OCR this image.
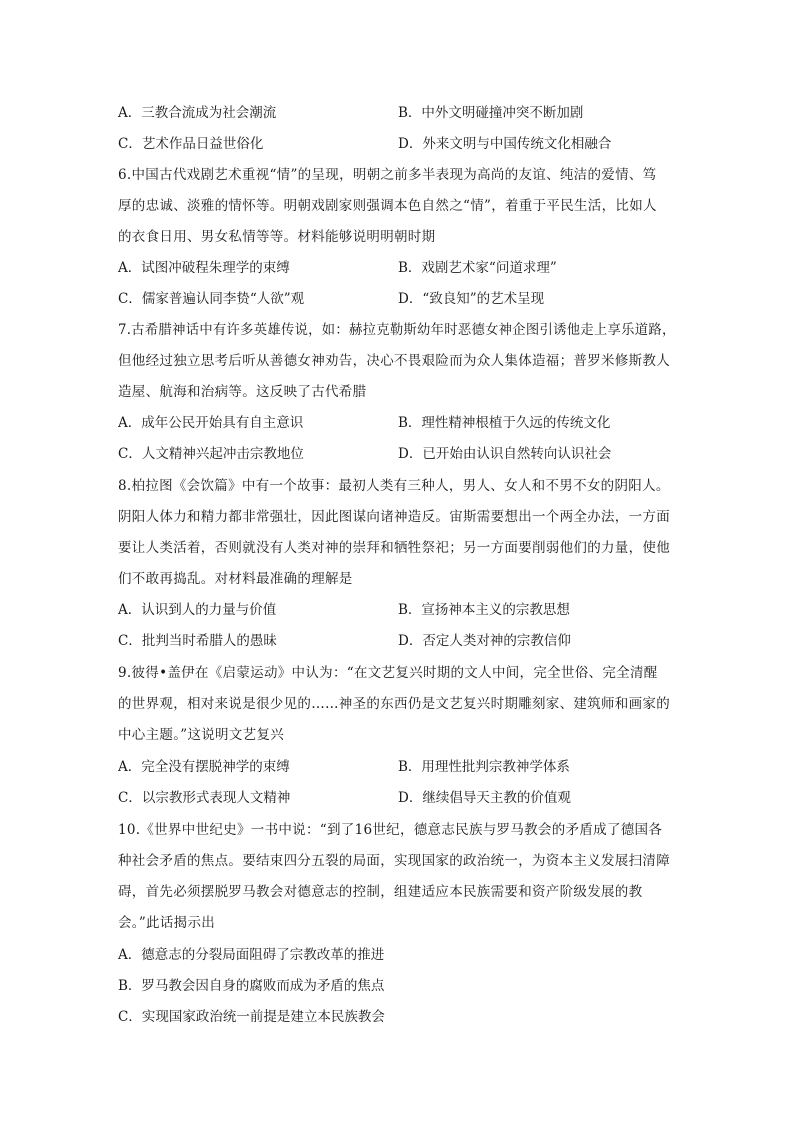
A．三教合流成为社会潮流	B．中外文明碰撞冲突不断加剧
C．艺术作品日益世俗化	D．外来文明与中国传统文化相融合
6.中国古代戏剧艺术重视“情”的呈现，明朝之前多半表现为高尚的友谊、纯洁的爱情、笃
厚的忠诚、淡雅的情怀等。明朝戏剧家则强调本色自然之“情”，着重于平民生活，比如人
的衣食日用、男女私情等等。材料能够说明明朝时期
A．试图冲破程朱理学的束缚	B．戏剧艺术家“问道求理”
C．儒家普遍认同李贽“人欲”观	D．“致良知”的艺术呈现
7.古希腊神话中有许多英雄传说，如：赫拉克勒斯幼年时恶德女神企图引诱他走上享乐道路，
但他经过独立思考后听从善德女神劝告，决心不畏艰险而为众人集体造福；普罗米修斯教人
造屋、航海和治病等。这反映了古代希腊
A．成年公民开始具有自主意识	B．理性精神根植于久远的传统文化
C．人文精神兴起冲击宗教地位	D．已开始由认识自然转向认识社会
8.柏拉图《会饮篇》中有一个故事：最初人类有三种人，男人、女人和不男不女的阴阳人。
阴阳人体力和精力都非常强壮，因此图谋向诸神造反。宙斯需要想出一个两全办法，一方面
要让人类活着，否则就没有人类对神的崇拜和牺牲祭祀；另一方面要削弱他们的力量，使他
们不敢再捣乱。对材料最准确的理解是
A．认识到人的力量与价值	B．宣扬神本主义的宗教思想
C．批判当时希腊人的愚昧	D．否定人类对神的宗教信仰
9.彼得•盖伊在《启蒙运动》中认为：“在文艺复兴时期的文人中间，完全世俗、完全清醒
的世界观，相对来说是很少见的……神圣的东西仍是文艺复兴时期雕刻家、建筑师和画家的
中心主题。”这说明文艺复兴
A．完全没有摆脱神学的束缚	B．用理性批判宗教神学体系
C．以宗教形式表现人文精神	D．继续倡导天主教的价值观
10.《世界中世纪史》一书中说：“到了16世纪，德意志民族与罗马教会的矛盾成了德国各
种社会矛盾的焦点。要结束四分五裂的局面，实现国家的政治统一，为资本主义发展扫清障
碍，首先必须摆脱罗马教会对德意志的控制，组建适应本民族需要和资产阶级发展的教
会。”此话揭示出
A．德意志的分裂局面阻碍了宗教改革的推进
B．罗马教会因自身的腐败而成为矛盾的焦点
C．实现国家政治统一前提是建立本民族教会
